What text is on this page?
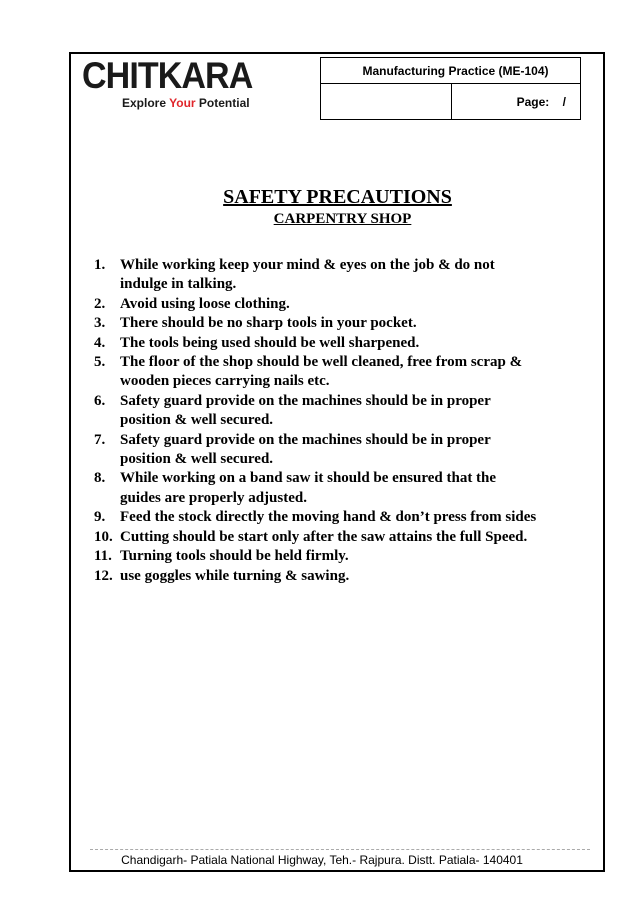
CHITKARA
Explore Your Potential
Manufacturing Practice (ME-104)
Page:
/
SAFETY PRECAUTIONS
CARPENTRY SHOP
1. While working keep your mind & eyes on the job & do not
indulge in talking.
2. Avoid using loose clothing.
3. There should be no sharp tools in your pocket.
4. The tools being used should be well sharpened.
5. The floor of the shop should be well cleaned, free from scrap &
wooden pieces carrying nails etc.
6. Safety guard provide on the machines should be in proper
position & well secured.
7. Safety guard provide on the machines should be in proper
position & well secured.
8. While working on a band saw it should be ensured that the
guides are properly adjusted.
9. Feed the stock directly the moving hand & don’t press from sides
10. Cutting should be start only after the saw attains the full Speed.
11. Turning tools should be held firmly.
12. use goggles while turning & sawing.
Chandigarh- Patiala National Highway, Teh.- Rajpura. Distt. Patiala- 140401
